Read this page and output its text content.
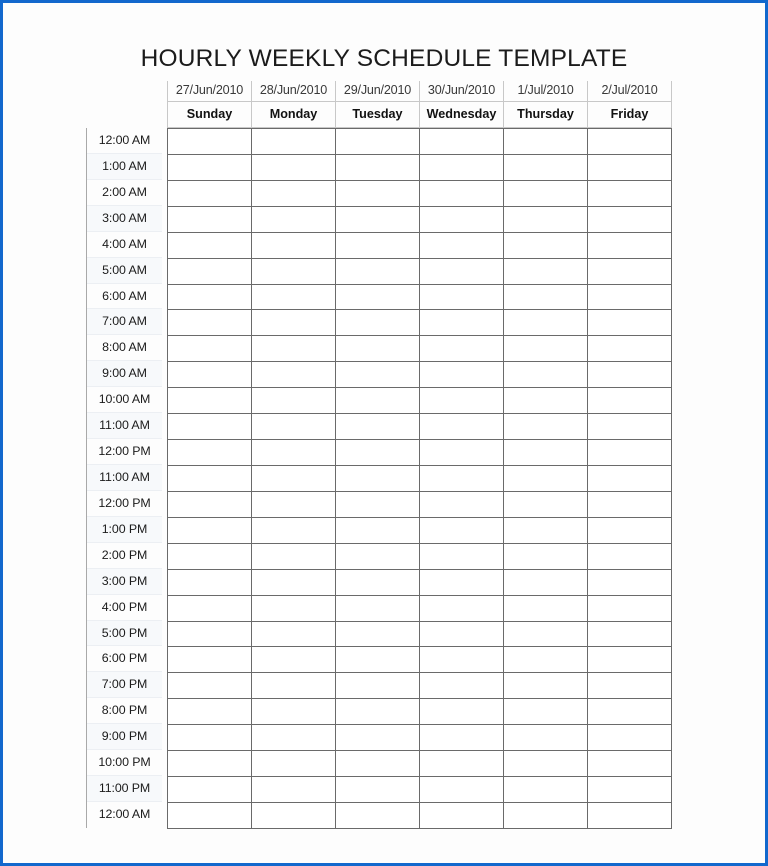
HOURLY WEEKLY SCHEDULE TEMPLATE
27/Jun/2010	28/Jun/2010	29/Jun/2010	30/Jun/2010	1/Jul/2010	2/Jul/2010
Sunday	Monday	Tuesday	Wednesday	Thursday	Friday
12:00 AM
1:00 AM
2:00 AM
3:00 AM
4:00 AM
5:00 AM
6:00 AM
7:00 AM
8:00 AM
9:00 AM
10:00 AM
11:00 AM
12:00 PM
11:00 AM
12:00 PM
1:00 PM
2:00 PM
3:00 PM
4:00 PM
5:00 PM
6:00 PM
7:00 PM
8:00 PM
9:00 PM
10:00 PM
11:00 PM
12:00 AM
